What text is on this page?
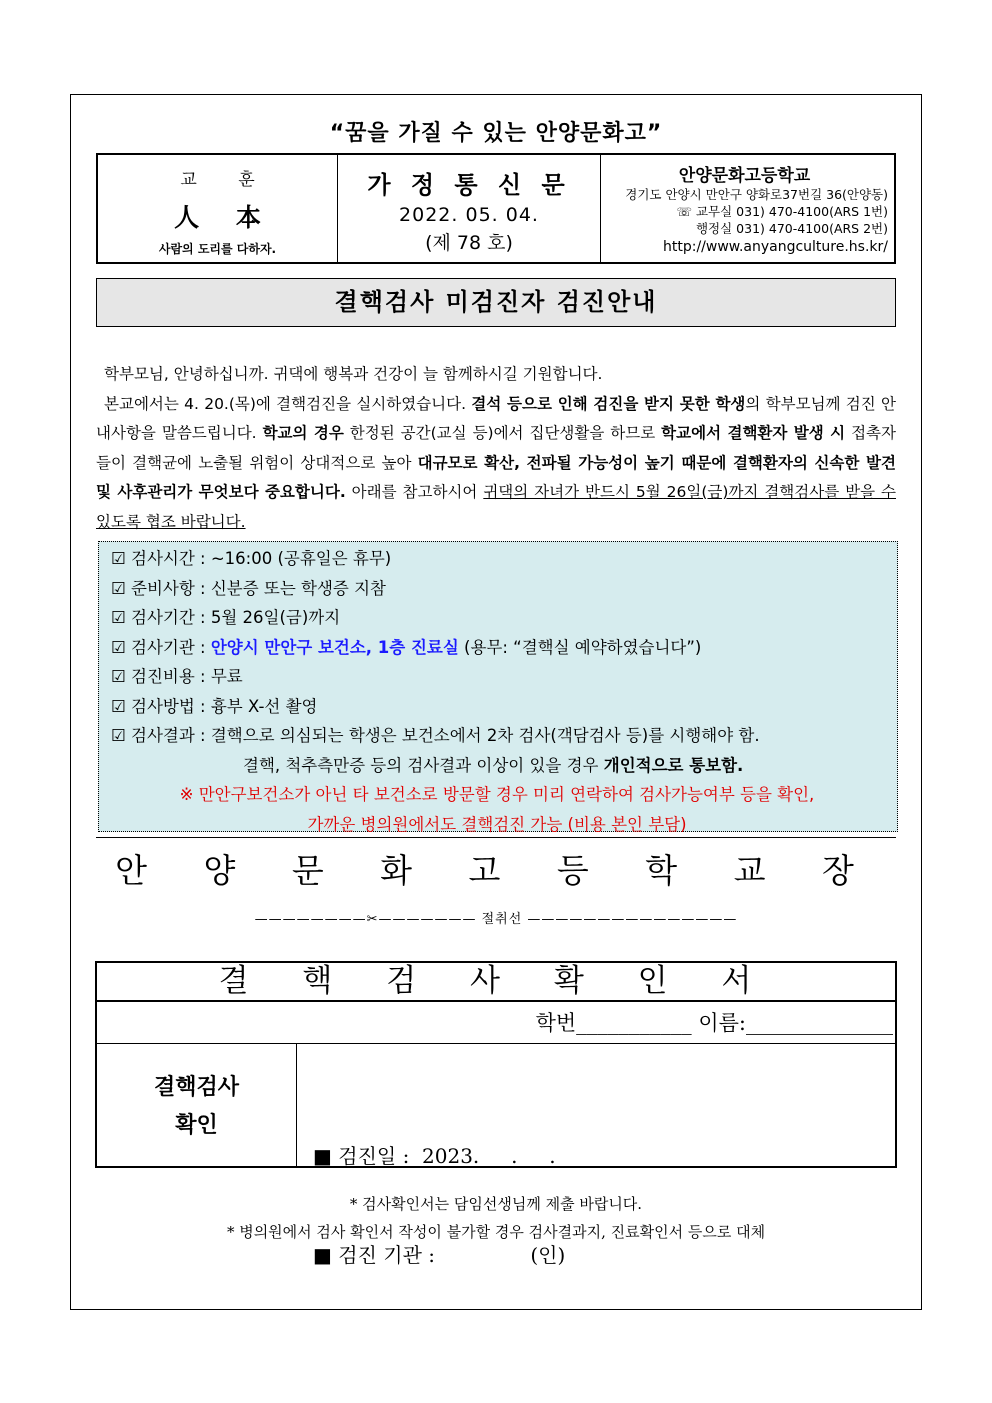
“꿈을 가질 수 있는 안양문화고”
교 훈
人 本
사람의 도리를 다하자.
가 정 통 신 문
2022. 05. 04.
(제 78 호)
안양문화고등학교
경기도 안양시 만안구 양화로37번길 36(안양동)
☏ 교무실 031) 470-4100(ARS 1번)
행정실 031) 470-4100(ARS 2번)
http://www.anyangculture.hs.kr/
결핵검사 미검진자 검진안내

학부모님, 안녕하십니까. 귀댁에 행복과 건강이 늘 함께하시길 기원합니다.

본교에서는 4. 20.(목)에 결핵검진을 실시하였습니다. 결석 등으로 인해 검진을 받지 못한 학생의 학부모님께 검진 안내사항을 말씀드립니다. 학교의 경우 한정된 공간(교실 등)에서 집단생활을 하므로 학교에서 결핵환자 발생 시 접촉자들이 결핵균에 노출될 위험이 상대적으로 높아 대규모로 확산, 전파될 가능성이 높기 때문에 결핵환자의 신속한 발견 및 사후관리가 무엇보다 중요합니다. 아래를 참고하시어 귀댁의 자녀가 반드시 5월 26일(금)까지 결핵검사를 받을 수 있도록 협조 바랍니다.

☑ 검사시간 : ~16:00 (공휴일은 휴무)
☑ 준비사항 : 신분증 또는 학생증 지참
☑ 검사기간 : 5월 26일(금)까지
☑ 검사기관 : 안양시 만안구 보건소, 1층 진료실 (용무: “결핵실 예약하였습니다”)
☑ 검진비용 : 무료
☑ 검사방법 : 흉부 X-선 촬영
☑ 검사결과 : 결핵으로 의심되는 학생은 보건소에서 2차 검사(객담검사 등)를 시행해야 함.
결핵, 척추측만증 등의 검사결과 이상이 있을 경우 개인적으로 통보함.
※ 만안구보건소가 아닌 타 보건소로 방문할 경우 미리 연락하여 검사가능여부 등을 확인,
가까운 병의원에서도 결핵검진 가능 (비용 본인 부담)
안 양 문 화 고 등 학 교 장
————————✂——————— 절취선 ———————————————
결 핵 검 사 확 인 서
학번___________ 이름:______________
결핵검사
확인

■ 검진일 :  2023.     .     .

■ 검진 기관 :               (인)

* 검사확인서는 담임선생님께 제출 바랍니다.
* 병의원에서 검사 확인서 작성이 불가할 경우 검사결과지, 진료확인서 등으로 대체
